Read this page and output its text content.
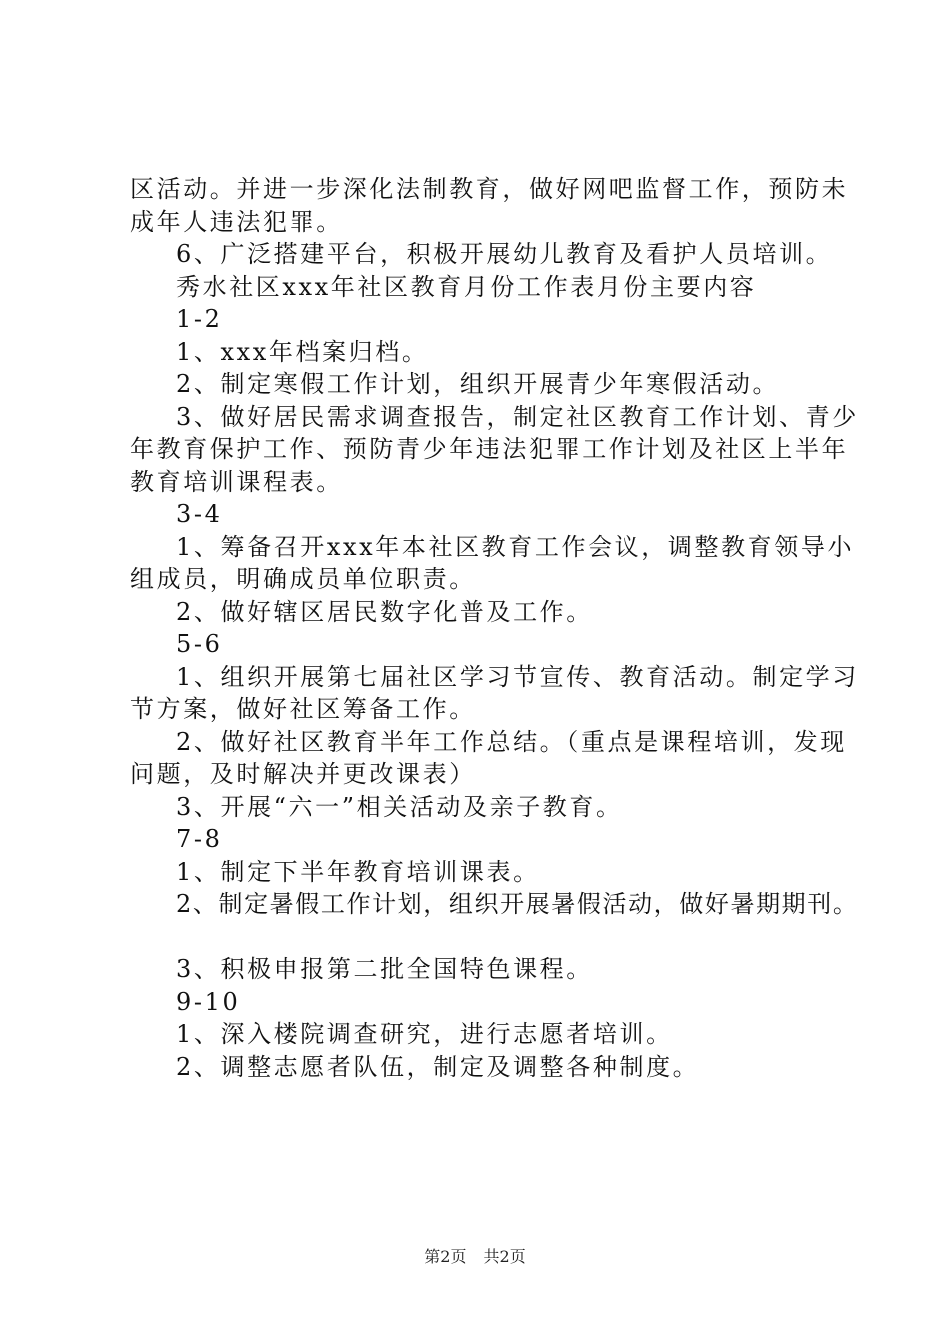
区活动。并进一步深化法制教育，做好网吧监督工作，预防未
成年人违法犯罪。
6、广泛搭建平台，积极开展幼儿教育及看护人员培训。
秀水社区xxx年社区教育月份工作表月份主要内容
1-2
1、xxx年档案归档。
2、制定寒假工作计划，组织开展青少年寒假活动。
3、做好居民需求调查报告，制定社区教育工作计划、青少
年教育保护工作、预防青少年违法犯罪工作计划及社区上半年
教育培训课程表。
3-4
1、筹备召开xxx年本社区教育工作会议，调整教育领导小
组成员，明确成员单位职责。
2、做好辖区居民数字化普及工作。
5-6
1、组织开展第七届社区学习节宣传、教育活动。制定学习
节方案，做好社区筹备工作。
2、做好社区教育半年工作总结。（重点是课程培训，发现
问题，及时解决并更改课表）
3、开展“六一”相关活动及亲子教育。
7-8
1、制定下半年教育培训课表。
2、制定暑假工作计划，组织开展暑假活动，做好暑期期刊。
3、积极申报第二批全国特色课程。
9-10
1、深入楼院调查研究，进行志愿者培训。
2、调整志愿者队伍，制定及调整各种制度。
第2页 共2页
